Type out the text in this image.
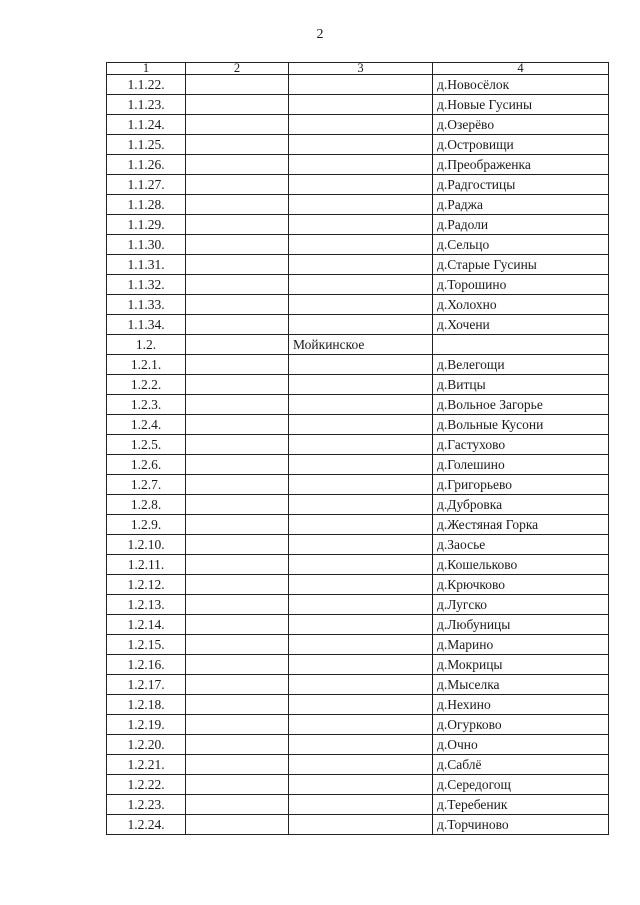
2
1	2	3	4
1.1.22.			д.Новосёлок
1.1.23.			д.Новые Гусины
1.1.24.			д.Озерёво
1.1.25.			д.Островищи
1.1.26.			д.Преображенка
1.1.27.			д.Радгостицы
1.1.28.			д.Раджа
1.1.29.			д.Радоли
1.1.30.			д.Сельцо
1.1.31.			д.Старые Гусины
1.1.32.			д.Торошино
1.1.33.			д.Холохно
1.1.34.			д.Хочени
1.2.		Мойкинское	
1.2.1.			д.Велегощи
1.2.2.			д.Витцы
1.2.3.			д.Вольное Загорье
1.2.4.			д.Вольные Кусони
1.2.5.			д.Гастухово
1.2.6.			д.Голешино
1.2.7.			д.Григорьево
1.2.8.			д.Дубровка
1.2.9.			д.Жестяная Горка
1.2.10.			д.Заосье
1.2.11.			д.Кошельково
1.2.12.			д.Крючково
1.2.13.			д.Лугско
1.2.14.			д.Любуницы
1.2.15.			д.Марино
1.2.16.			д.Мокрицы
1.2.17.			д.Мыселка
1.2.18.			д.Нехино
1.2.19.			д.Огурково
1.2.20.			д.Очно
1.2.21.			д.Саблё
1.2.22.			д.Середогощ
1.2.23.			д.Теребеник
1.2.24.			д.Торчиново
